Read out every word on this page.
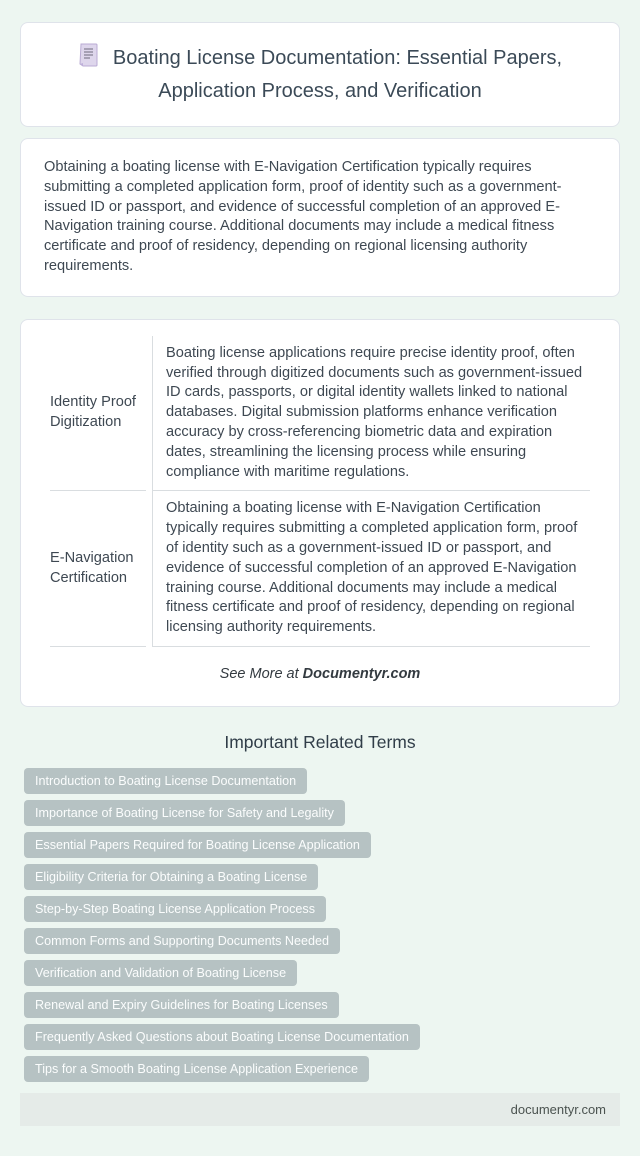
Boating License Documentation: Essential Papers, Application Process, and Verification

Obtaining a boating license with E-Navigation Certification typically requires submitting a completed application form, proof of identity such as a government-issued ID or passport, and evidence of successful completion of an approved E-Navigation training course. Additional documents may include a medical fitness certificate and proof of residency, depending on regional licensing authority requirements.

Identity Proof Digitization	Boating license applications require precise identity proof, often verified through digitized documents such as government-issued ID cards, passports, or digital identity wallets linked to national databases. Digital submission platforms enhance verification accuracy by cross-referencing biometric data and expiration dates, streamlining the licensing process while ensuring compliance with maritime regulations.
E-Navigation Certification	Obtaining a boating license with E-Navigation Certification typically requires submitting a completed application form, proof of identity such as a government-issued ID or passport, and evidence of successful completion of an approved E-Navigation training course. Additional documents may include a medical fitness certificate and proof of residency, depending on regional licensing authority requirements.
See More at Documentyr.com
Important Related Terms
Introduction to Boating License Documentation
Importance of Boating License for Safety and Legality
Essential Papers Required for Boating License Application
Eligibility Criteria for Obtaining a Boating License
Step-by-Step Boating License Application Process
Common Forms and Supporting Documents Needed
Verification and Validation of Boating License
Renewal and Expiry Guidelines for Boating Licenses
Frequently Asked Questions about Boating License Documentation
Tips for a Smooth Boating License Application Experience
documentyr.com
